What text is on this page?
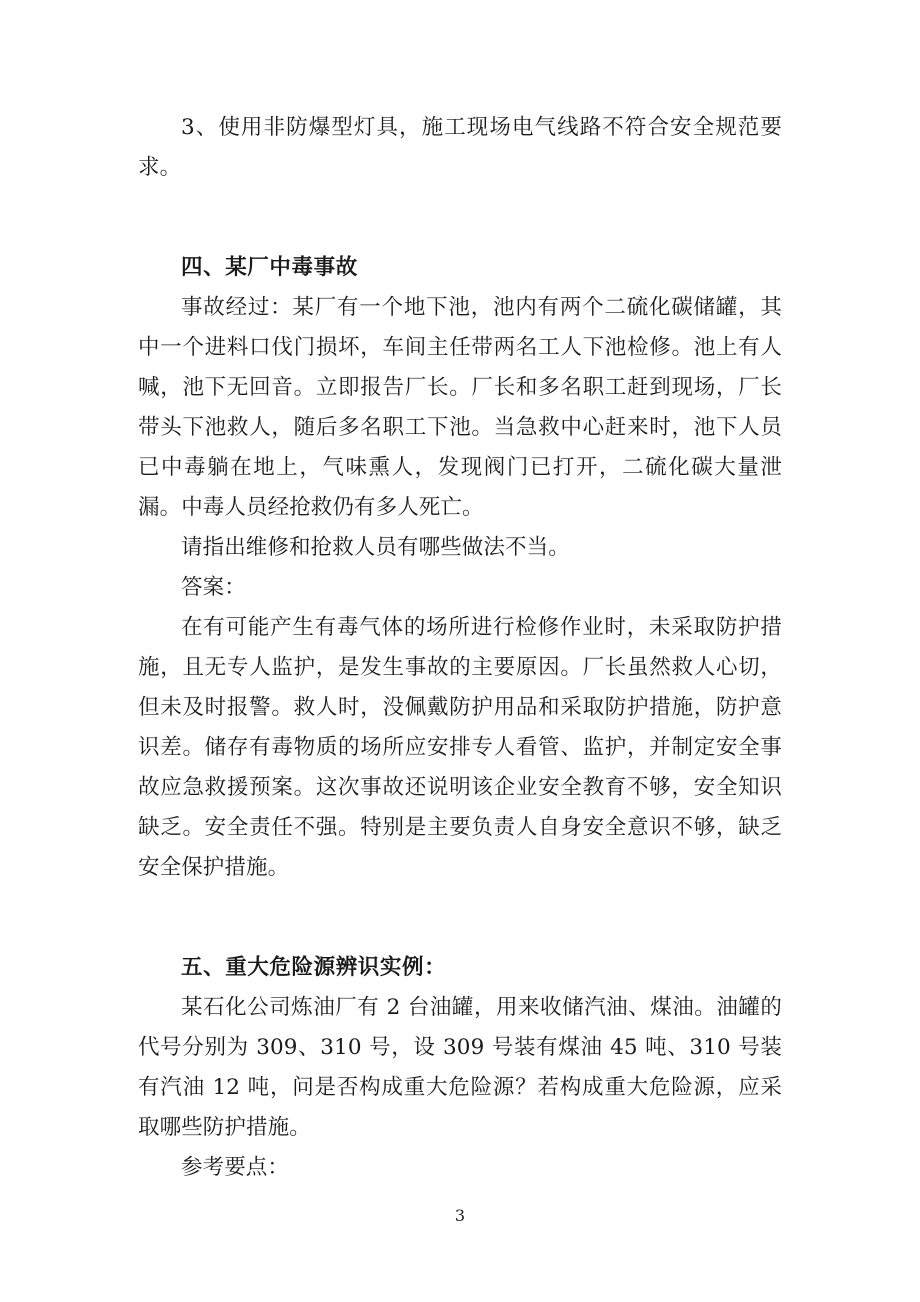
3、使用非防爆型灯具，施工现场电气线路不符合安全规范要求。

四、某厂中毒事故

事故经过：某厂有一个地下池，池内有两个二硫化碳储罐，其中一个进料口伐门损坏，车间主任带两名工人下池检修。池上有人喊，池下无回音。立即报告厂长。厂长和多名职工赶到现场，厂长带头下池救人，随后多名职工下池。当急救中心赶来时，池下人员已中毒躺在地上，气味熏人，发现阀门已打开，二硫化碳大量泄漏。中毒人员经抢救仍有多人死亡。

请指出维修和抢救人员有哪些做法不当。

答案：

在有可能产生有毒气体的场所进行检修作业时，未采取防护措施，且无专人监护，是发生事故的主要原因。厂长虽然救人心切，但未及时报警。救人时，没佩戴防护用品和采取防护措施，防护意识差。储存有毒物质的场所应安排专人看管、监护，并制定安全事故应急救援预案。这次事故还说明该企业安全教育不够，安全知识缺乏。安全责任不强。特别是主要负责人自身安全意识不够，缺乏安全保护措施。

五、重大危险源辨识实例：

某石化公司炼油厂有 2 台油罐，用来收储汽油、煤油。油罐的代号分别为 309、310 号，设 309 号装有煤油 45 吨、310 号装有汽油 12 吨，问是否构成重大危险源？若构成重大危险源，应采取哪些防护措施。

参考要点：

3
